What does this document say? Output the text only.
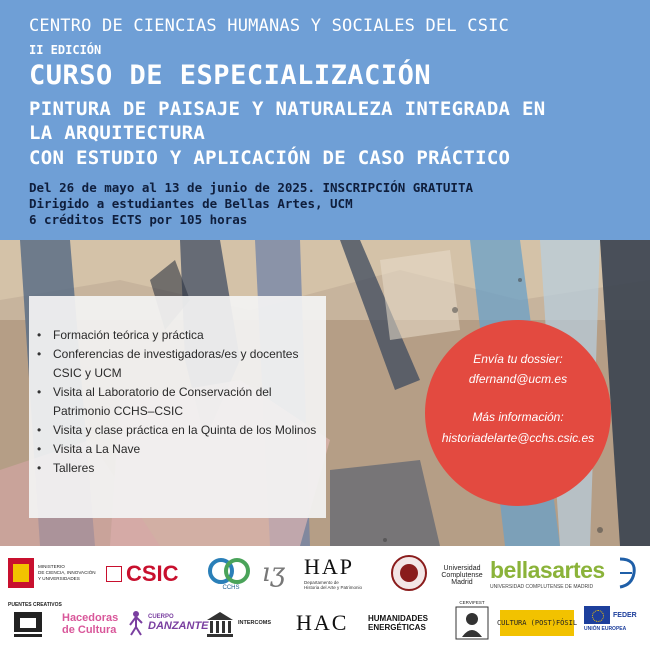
CENTRO DE CIENCIAS HUMANAS Y SOCIALES DEL CSIC
II EDICIÓN
CURSO DE ESPECIALIZACIÓN
PINTURA DE PAISAJE Y NATURALEZA INTEGRADA EN
LA ARQUITECTURA
CON ESTUDIO Y APLICACIÓN DE CASO PRÁCTICO
Del 26 de mayo al 13 de junio de 2025. INSCRIPCIÓN GRATUITA
Dirigido a estudiantes de Bellas Artes, UCM
6 créditos ECTS por 105 horas
• Formación teórica y práctica
• Conferencias de investigadoras/es y docentes
CSIC y UCM
• Visita al Laboratorio de Conservación del
Patrimonio CCHS–CSIC
• Visita y clase práctica en la Quinta de los Molinos
• Visita a La Nave
• Talleres
Envía tu dossier:
dfernand@ucm.es
Más información:
historiadelarte@cchs.csic.es
MINISTERIO
DE CIENCIA, INNOVACIÓN
Y UNIVERSIDADES	CSIC
CCHS ıʒ HAP
Departamento de
Historia del Arte y Patrimonio
Universidad
Complutense
Madrid bellasartes
UNIVERSIDAD COMPLUTENSE DE MADRID
PUENTES CREATIVOS
Hacedoras
de Cultura
CUERPO
DANZANTE	INTERCOMS HAC HUMANIDADES
ENERGÉTICAS
CERVIFEST
CULTURA (POST)FÓSIL
FEDER
UNIÓN EUROPEA
